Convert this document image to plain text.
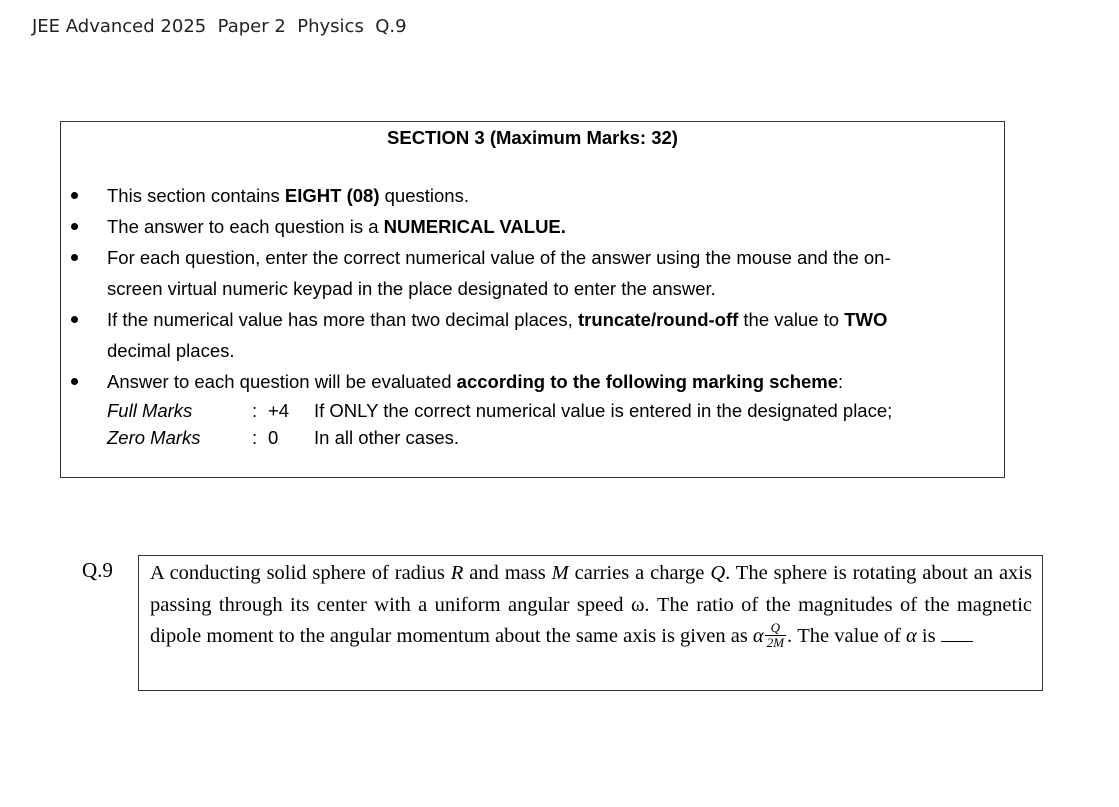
JEE Advanced 2025  Paper 2  Physics  Q.9
SECTION 3 (Maximum Marks: 32)
This section contains EIGHT (08) questions.
The answer to each question is a NUMERICAL VALUE.
For each question, enter the correct numerical value of the answer using the mouse and the on-
screen virtual numeric keypad in the place designated to enter the answer.
If the numerical value has more than two decimal places, truncate/round-off the value to TWO
decimal places.
Answer to each question will be evaluated according to the following marking scheme:
Full Marks	: +4	If ONLY the correct numerical value is entered in the designated place;
Zero Marks	: 0	In all other cases.
Q.9	A conducting solid sphere of radius R and mass M carries a charge Q. The sphere is rotating about an axis passing through its center with a uniform angular speed ω. The ratio of the magnitudes of the magnetic dipole moment to the angular momentum about the same axis is given as α $\frac{Q}{2M}$ . The value of α is
